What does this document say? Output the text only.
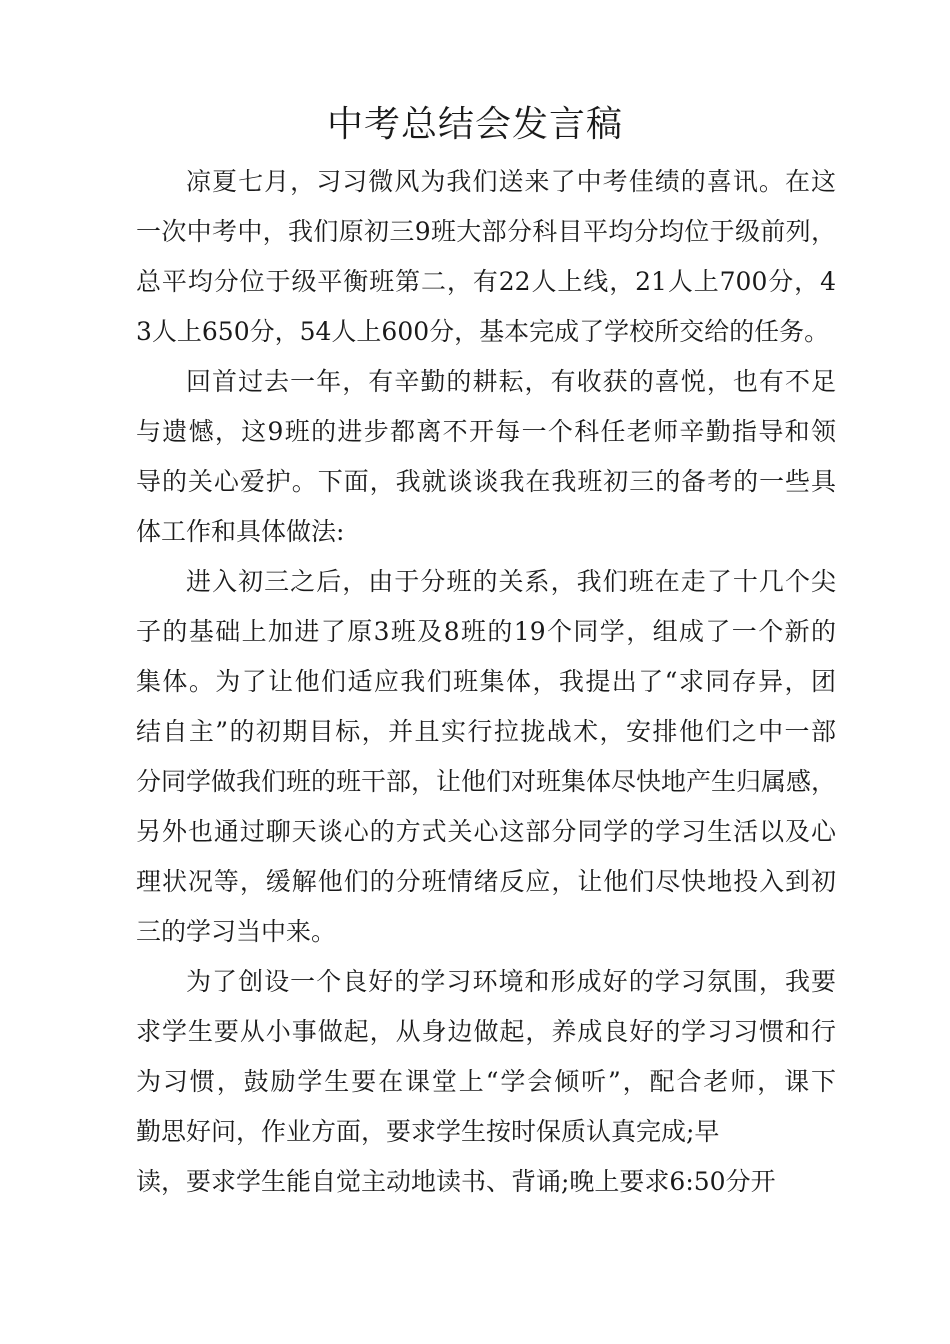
中考总结会发言稿
凉夏七月，习习微风为我们送来了中考佳绩的喜讯。在这
一次中考中，我们原初三9班大部分科目平均分均位于级前列，
总平均分位于级平衡班第二，有22人上线，21人上700分，4
3人上650分，54人上600分，基本完成了学校所交给的任务。
回首过去一年，有辛勤的耕耘，有收获的喜悦，也有不足
与遗憾，这9班的进步都离不开每一个科任老师辛勤指导和领
导的关心爱护。下面，我就谈谈我在我班初三的备考的一些具
体工作和具体做法:
进入初三之后，由于分班的关系，我们班在走了十几个尖
子的基础上加进了原3班及8班的19个同学，组成了一个新的
集体。为了让他们适应我们班集体，我提出了“求同存异，团
结自主”的初期目标，并且实行拉拢战术，安排他们之中一部
分同学做我们班的班干部，让他们对班集体尽快地产生归属感，
另外也通过聊天谈心的方式关心这部分同学的学习生活以及心
理状况等，缓解他们的分班情绪反应，让他们尽快地投入到初
三的学习当中来。
为了创设一个良好的学习环境和形成好的学习氛围，我要
求学生要从小事做起，从身边做起，养成良好的学习习惯和行
为习惯，鼓励学生要在课堂上“学会倾听”，配合老师，课下
勤思好问，作业方面，要求学生按时保质认真完成;早
读，要求学生能自觉主动地读书、背诵;晚上要求6:50分开
